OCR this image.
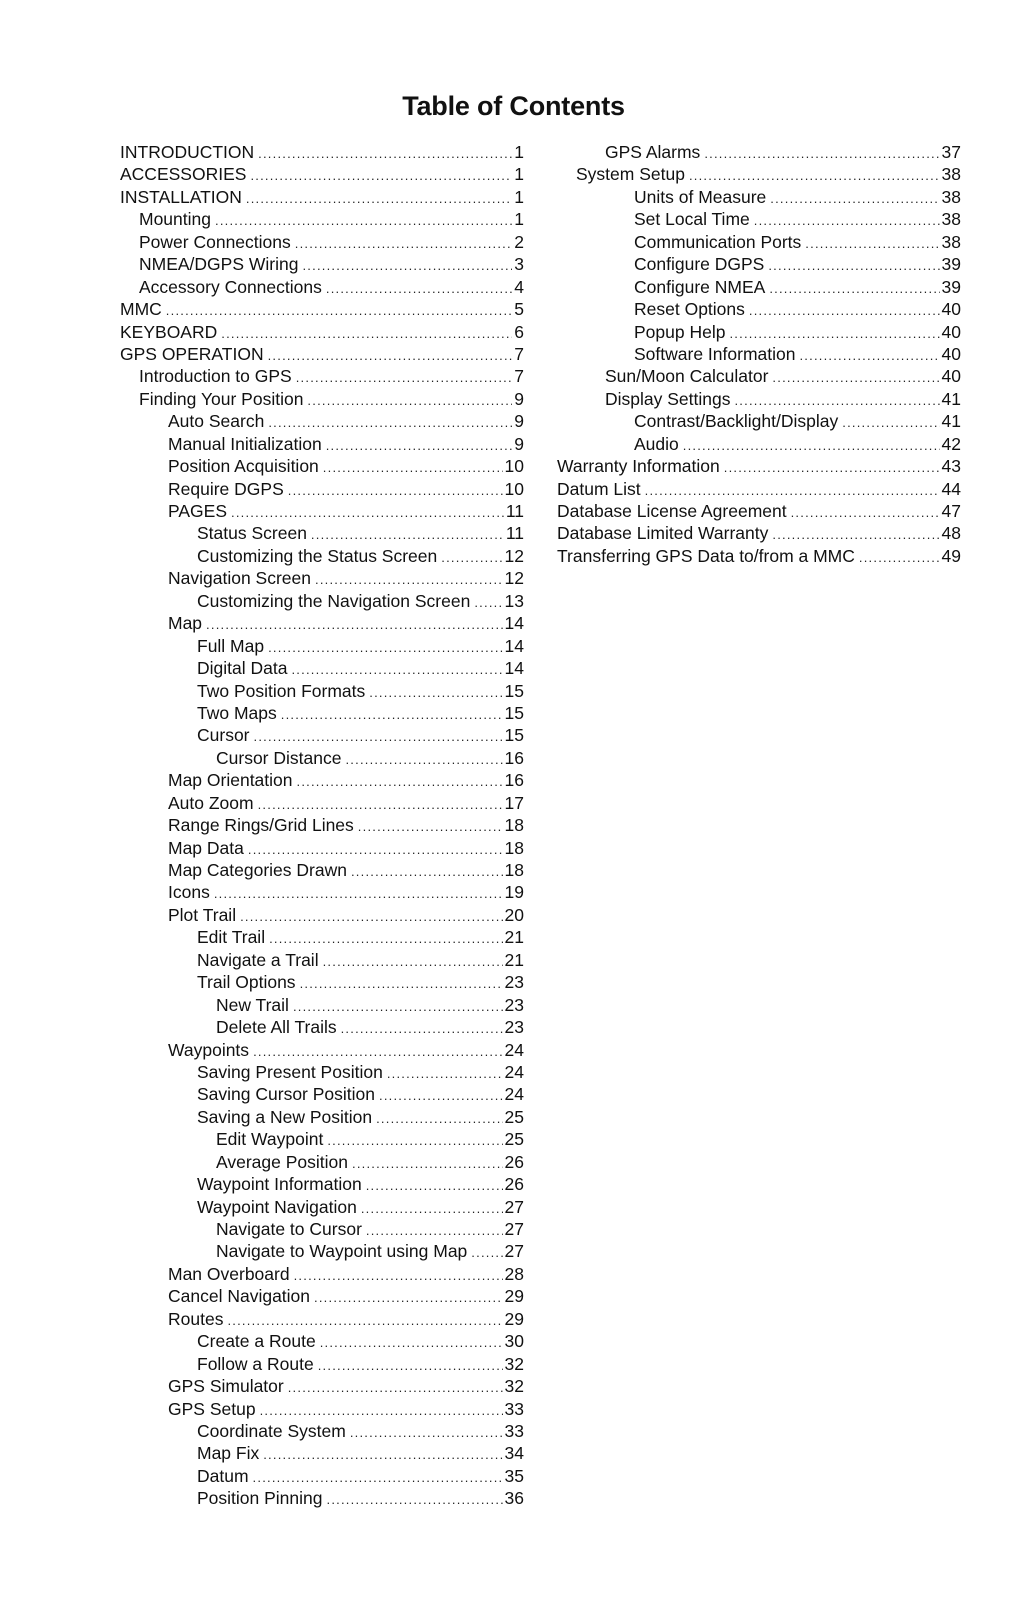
Table of Contents
INTRODUCTION . . .	1
ACCESSORIES . . .	1
INSTALLATION . . .	1
Mounting . . .	1
Power Connections . . .	2
NMEA/DGPS Wiring . . .	3
Accessory Connections . . .	4
MMC . . .	5
KEYBOARD . . .	6
GPS OPERATION . . .	7
Introduction to GPS . . .	7
Finding Your Position . . .	9
Auto Search . . .	9
Manual Initialization . . .	9
Position Acquisition . . .	10
Require DGPS . . .	10
PAGES . . .	11
Status Screen . . .	11
Customizing the Status Screen . . .	12
Navigation Screen . . .	12
Customizing the Navigation Screen . . . 13
Map . . .	14
Full Map . . .	14
Digital Data . . .	14
Two Position Formats . . .	15
Two Maps . . .	15
Cursor . . .	15
Cursor Distance . . .	16
Map Orientation . . .	16
Auto Zoom . . .	17
Range Rings/Grid Lines . . .	18
Map Data . . .	18
Map Categories Drawn . . .	18
Icons . . .	19
Plot Trail . . .	20
Edit Trail . . .	21
Navigate a Trail . . .	21
Trail Options . . .	23
New Trail . . .	23
Delete All Trails . . .	23
Waypoints . . .	24
Saving Present Position . . .	24
Saving Cursor Position . . .	24
Saving a New Position . . .	25
Edit Waypoint . . .	25
Average Position . . .	26
Waypoint Information . . .	26
Waypoint Navigation . . .	27
Navigate to Cursor . . .	27
Navigate to Waypoint using Map . . . 27
Man Overboard . . .	28
Cancel Navigation . . .	29
Routes . . .	29
Create a Route . . .	30
Follow a Route . . .	32
GPS Simulator . . .	32
GPS Setup . . .	33
Coordinate System . . .	33
Map Fix . . .	34
Datum . . .	35
Position Pinning . . .	36
GPS Alarms . . .	37
System Setup . . .	38
Units of Measure . . .	38
Set Local Time . . .	38
Communication Ports . . .	38
Configure DGPS . . .	39
Configure NMEA . . .	39
Reset Options . . .	40
Popup Help . . .	40
Software Information . . .	40
Sun/Moon Calculator . . .	40
Display Settings . . .	41
Contrast/Backlight/Display . . .	41
Audio . . .	42
Warranty Information . . .	43
Datum List . . .	44
Database License Agreement . . .	47
Database Limited Warranty . . .	48
Transferring GPS Data to/from a MMC . . .	49
